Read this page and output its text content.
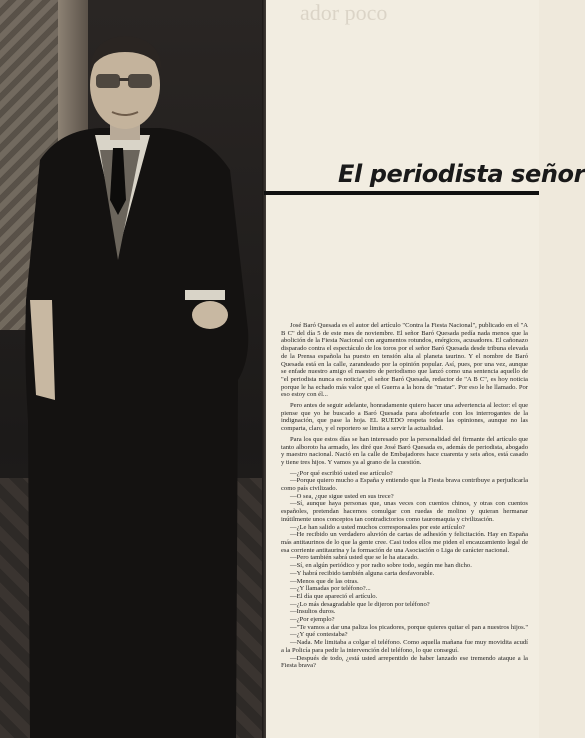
ador poco
El periodista señor

José Baró Quesada es el autor del artículo "Contra la Fiesta Nacional", publicado en el "A B C" del día 5 de este mes de noviembre. El señor Baró Quesada pedía nada menos que la abolición de la Fiesta Nacional con argumentos rotundos, enérgicos, acusadores. El cañonazo disparado contra el espectáculo de los toros por el señor Baró Quesada desde tribuna elevada de la Prensa española ha puesto en tensión alta al planeta taurino. Y el nombre de Baró Quesada está en la calle, zarandeado por la opinión popular. Así, pues, por una vez, aunque se enfade nuestro amigo el maestro de periodismo que lanzó como una sentencia aquello de "el periodista nunca es noticia", el señor Baró Quesada, redactor de "A B C", es hoy noticia porque le ha echado más valor que el Guerra a la hora de "matar". Por eso le he llamado. Por eso estoy con él...

Pero antes de seguir adelante, honradamente quiero hacer una advertencia al lector: el que piense que yo he buscado a Baró Quesada para abofetearle con los interrogantes de la indignación, que pase la hoja. EL RUEDO respeta todas las opiniones, aunque no las comparta, claro, y el reportero se limita a servir la actualidad.

Para los que estos días se han interesado por la personalidad del firmante del artículo que tanto alboroto ha armado, les diré que José Baró Quesada es, además de periodista, abogado y maestro nacional. Nació en la calle de Embajadores hace cuarenta y seis años, está casado y tiene tres hijos. Y vamos ya al grano de la cuestión.

—¿Por qué escribió usted ese artículo?

—Porque quiero mucho a España y entiendo que la Fiesta brava contribuye a perjudicarla como país civilizado.

—O sea, ¿que sigue usted en sus trece?

—Sí, aunque haya personas que, unas veces con cuentos chinos, y otras con cuentos españoles, pretendan hacernos comulgar con ruedas de molino y quieran hermanar inútilmente unos conceptos tan contradictorios como tauromaquia y civilización.

—¿Le han salido a usted muchos corresponsales por este artículo?

—He recibido un verdadero aluvión de cartas de adhesión y felicitación. Hay en España más antitaurinos de lo que la gente cree. Casi todos ellos me piden el encauzamiento legal de esa corriente antitaurina y la formación de una Asociación o Liga de carácter nacional.

—Pero también sabrá usted que se le ha atacado.

—Sí, en algún periódico y por radio sobre todo, según me han dicho.

—Y habrá recibido también alguna carta desfavorable.

—Menos que de las otras.

—¿Y llamadas por teléfono?...

—El día que apareció el artículo.

—¿Lo más desagradable que le dijeron por teléfono?

—Insultos duros.

—¿Por ejemplo?

—"Te vamos a dar una paliza los picadores, porque quieres quitar el pan a nuestros hijos."

—¿Y qué contestaba?

—Nada. Me limitaba a colgar el teléfono. Como aquella mañana fue muy movidita acudí a la Policía para pedir la intervención del teléfono, lo que conseguí.

—Después de todo, ¿está usted arrepentido de haber lanzado ese tremendo ataque a la Fiesta brava?
